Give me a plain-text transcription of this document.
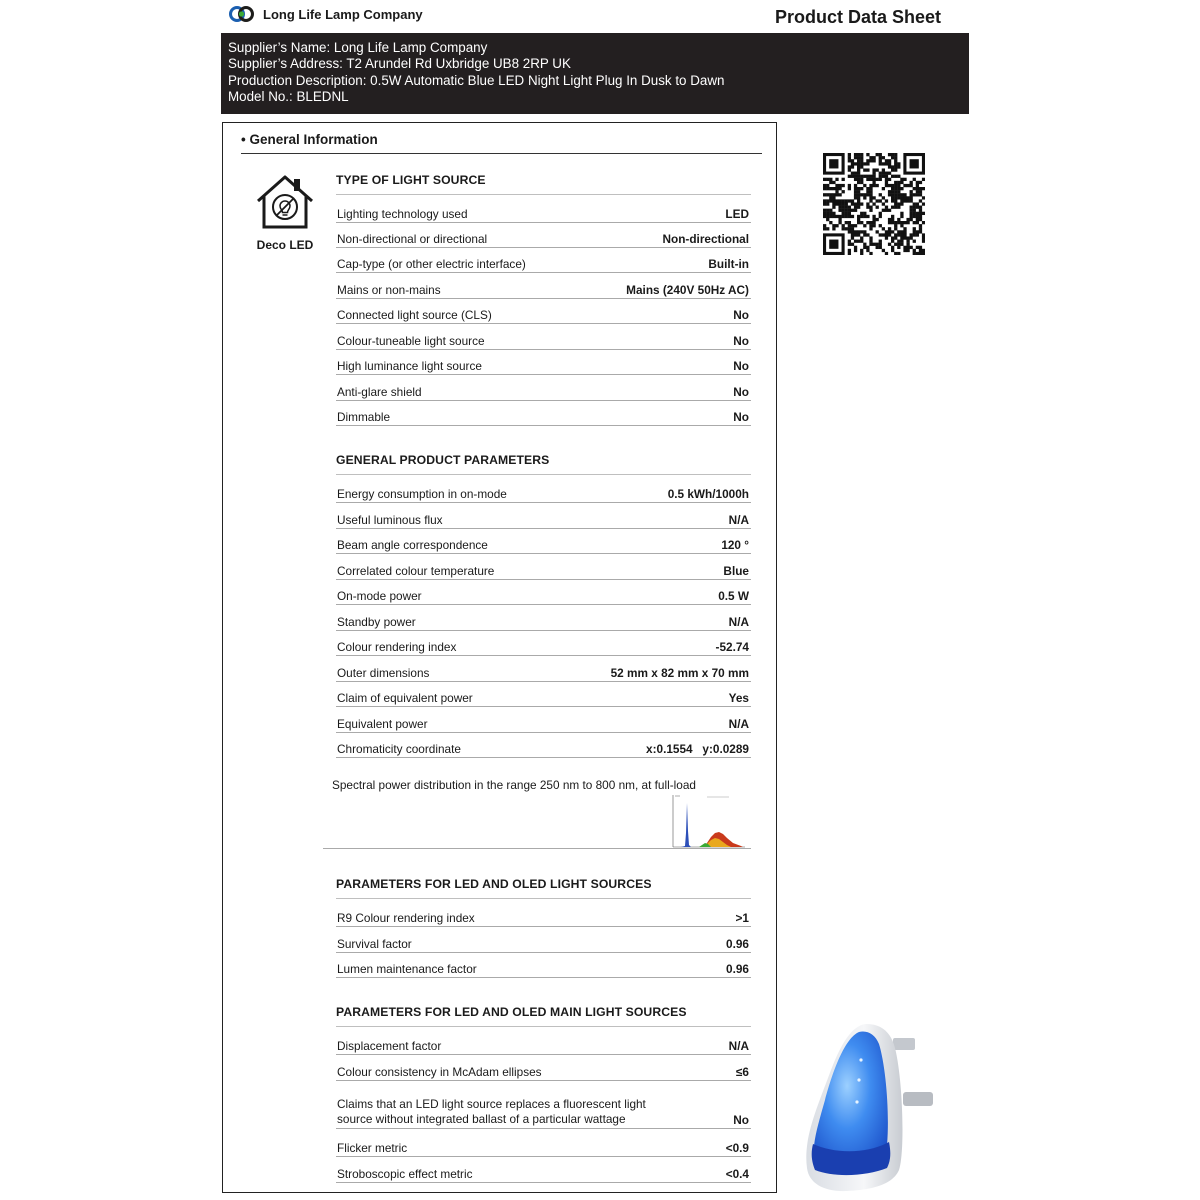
Long Life Lamp Company	Product Data Sheet
Supplier’s Name: Long Life Lamp Company
Supplier’s Address: T2 Arundel Rd Uxbridge UB8 2RP UK
Production Description: 0.5W Automatic Blue LED Night Light Plug In Dusk to Dawn
Model No.: BLEDNL
• General Information
Deco LED
TYPE OF LIGHT SOURCE
Lighting technology used	LED
Non-directional or directional	Non-directional
Cap-type (or other electric interface)	Built-in
Mains or non-mains	Mains (240V 50Hz AC)
Connected light source (CLS)	No
Colour-tuneable light source	No
High luminance light source	No
Anti-glare shield	No
Dimmable	No
GENERAL PRODUCT PARAMETERS
Energy consumption in on-mode	0.5 kWh/1000h
Useful luminous flux	N/A
Beam angle correspondence	120 °
Correlated colour temperature	Blue
On-mode power	0.5 W
Standby power	N/A
Colour rendering index	-52.74
Outer dimensions	52 mm x 82 mm x 70 mm
Claim of equivalent power	Yes
Equivalent power	N/A
Chromaticity coordinate	x:0.1554   y:0.0289
Spectral power distribution in the range 250 nm to 800 nm, at full-load
PARAMETERS FOR LED AND OLED LIGHT SOURCES
R9 Colour rendering index	>1
Survival factor	0.96
Lumen maintenance factor	0.96
PARAMETERS FOR LED AND OLED MAIN LIGHT SOURCES
Displacement factor	N/A
Colour consistency in McAdam ellipses	≤6
Claims that an LED light source replaces a fluorescent light
source without integrated ballast of a particular wattage	No
Flicker metric	<0.9
Stroboscopic effect metric	<0.4
